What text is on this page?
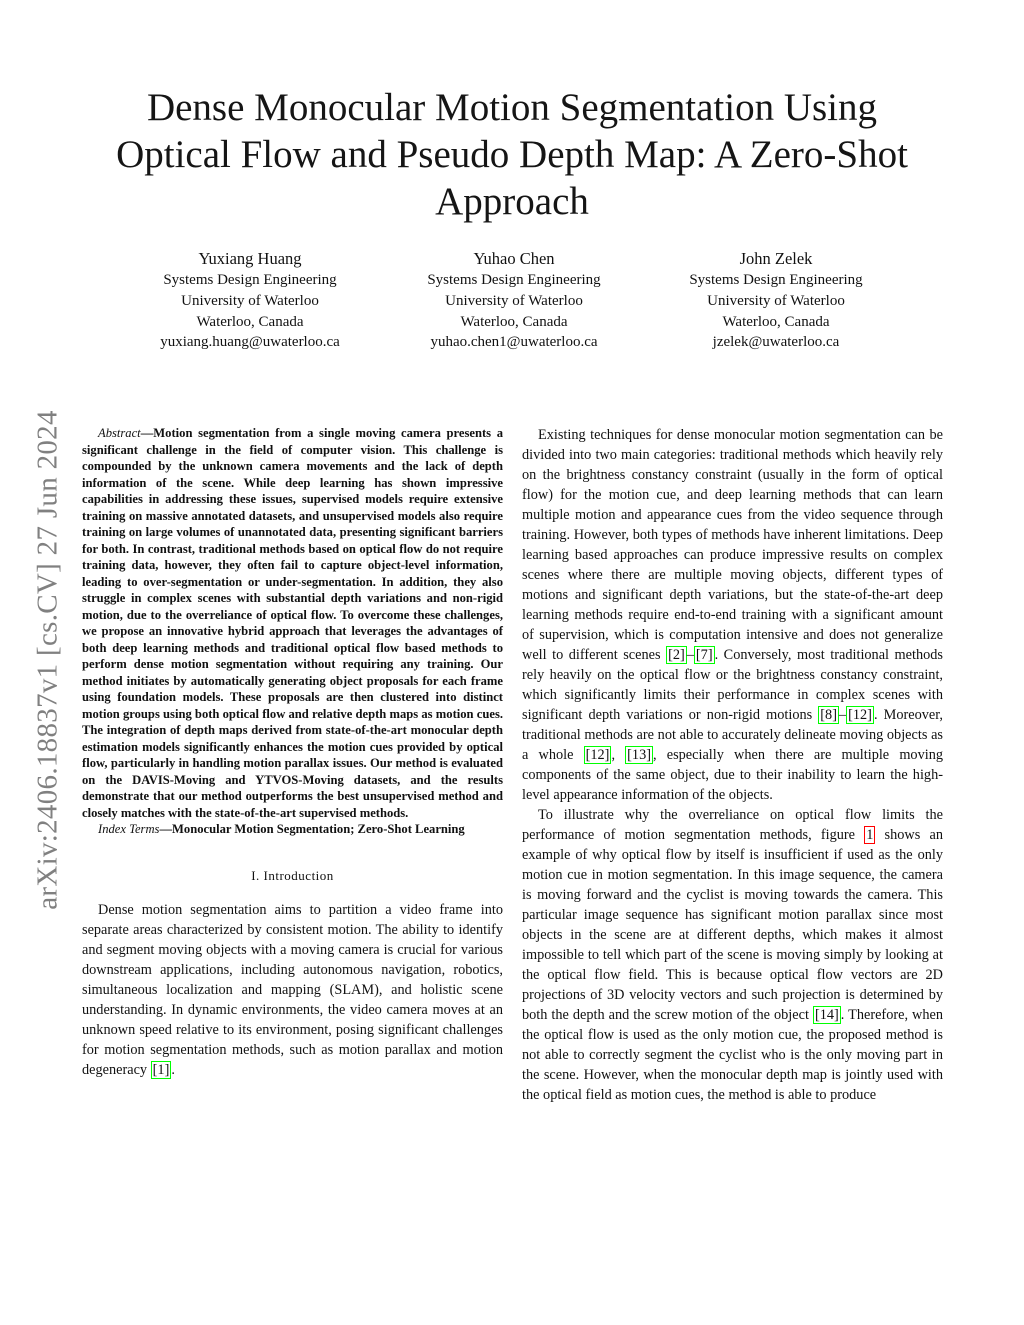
Dense Monocular Motion Segmentation Using
Optical Flow and Pseudo Depth Map: A Zero-Shot
Approach
Yuxiang Huang
Systems Design Engineering
University of Waterloo
Waterloo, Canada
yuxiang.huang@uwaterloo.ca
Yuhao Chen
Systems Design Engineering
University of Waterloo
Waterloo, Canada
yuhao.chen1@uwaterloo.ca
John Zelek
Systems Design Engineering
University of Waterloo
Waterloo, Canada
jzelek@uwaterloo.ca
arXiv:2406.18837v1 [cs.CV] 27 Jun 2024	Abstract—Motion segmentation from a single moving camera presents a significant challenge in the field of computer vision. This challenge is compounded by the unknown camera movements and the lack of depth information of the scene. While deep learning has shown impressive capabilities in addressing these issues, supervised models require extensive training on massive annotated datasets, and unsupervised models also require training on large volumes of unannotated data, presenting significant barriers for both. In contrast, traditional methods based on optical flow do not require training data, however, they often fail to capture object-level information, leading to over-segmentation or under-segmentation. In addition, they also struggle in complex scenes with substantial depth variations and non-rigid motion, due to the overreliance of optical flow. To overcome these challenges, we propose an innovative hybrid approach that leverages the advantages of both deep learning methods and traditional optical flow based methods to perform dense motion segmentation without requiring any training. Our method initiates by automatically generating object proposals for each frame using foundation models. These proposals are then clustered into distinct motion groups using both optical flow and relative depth maps as motion cues. The integration of depth maps derived from state-of-the-art monocular depth estimation models significantly enhances the motion cues provided by optical flow, particularly in handling motion parallax issues. Our method is evaluated on the DAVIS-Moving and YTVOS-Moving datasets, and the results demonstrate that our method outperforms the best unsupervised method and closely matches with the state-of-the-art supervised methods.

Index Terms—Monocular Motion Segmentation; Zero-Shot Learning

I. Introduction

Dense motion segmentation aims to partition a video frame into separate areas characterized by consistent motion. The ability to identify and segment moving objects with a moving camera is crucial for various downstream applications, including autonomous navigation, robotics, simultaneous localization and mapping (SLAM), and holistic scene understanding. In dynamic environments, the video camera moves at an unknown speed relative to its environment, posing significant challenges for motion segmentation methods, such as motion parallax and motion degeneracy [1] .

Existing techniques for dense monocular motion segmentation can be divided into two main categories: traditional methods which heavily rely on the brightness constancy constraint (usually in the form of optical flow) for the motion cue, and deep learning methods that can learn multiple motion and appearance cues from the video sequence through training. However, both types of methods have inherent limitations. Deep learning based approaches can produce impressive results on complex scenes where there are multiple moving objects, different types of motions and significant depth variations, but the state-of-the-art deep learning methods require end-to-end training with a significant amount of supervision, which is computation intensive and does not generalize well to different scenes [2] – [7] . Conversely, most traditional methods rely heavily on the optical flow or the brightness constancy constraint, which significantly limits their performance in complex scenes with significant depth variations or non-rigid motions [8] – [12] . Moreover, traditional methods are not able to accurately delineate moving objects as a whole [12] , [13] , especially when there are multiple moving components of the same object, due to their inability to learn the high-level appearance information of the objects.

To illustrate why the overreliance on optical flow limits the performance of motion segmentation methods, figure 1 shows an example of why optical flow by itself is insufficient if used as the only motion cue in motion segmentation. In this image sequence, the camera is moving forward and the cyclist is moving towards the camera. This particular image sequence has significant motion parallax since most objects in the scene are at different depths, which makes it almost impossible to tell which part of the scene is moving simply by looking at the optical flow field. This is because optical flow vectors are 2D projections of 3D velocity vectors and such projection is determined by both the depth and the screw motion of the object [14] . Therefore, when the optical flow is used as the only motion cue, the proposed method is not able to correctly segment the cyclist who is the only moving part in the scene. However, when the monocular depth map is jointly used with the optical field as motion cues, the method is able to produce
